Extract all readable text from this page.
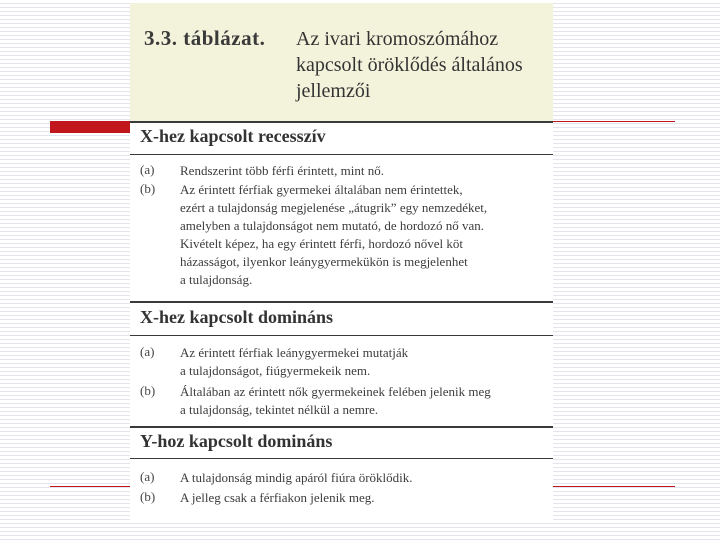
3.3. táblázat. Az ivari kromoszómához
kapcsolt öröklődés általános
jellemzői
X-hez kapcsolt recesszív
(a) Rendszerint több férfi érintett, mint nő.
(b) Az érintett férfiak gyermekei általában nem érintettek,
ezért a tulajdonság megjelenése „átugrik” egy nemzedéket,
amelyben a tulajdonságot nem mutató, de hordozó nő van.
Kivételt képez, ha egy érintett férfi, hordozó nővel köt
házasságot, ilyenkor leánygyermekükön is megjelenhet
a tulajdonság.
X-hez kapcsolt domináns
(a) Az érintett férfiak leánygyermekei mutatják
a tulajdonságot, fiúgyermekeik nem.
(b) Általában az érintett nők gyermekeinek felében jelenik meg
a tulajdonság, tekintet nélkül a nemre.
Y-hoz kapcsolt domináns
(a) A tulajdonság mindig apáról fiúra öröklődik.
(b) A jelleg csak a férfiakon jelenik meg.
